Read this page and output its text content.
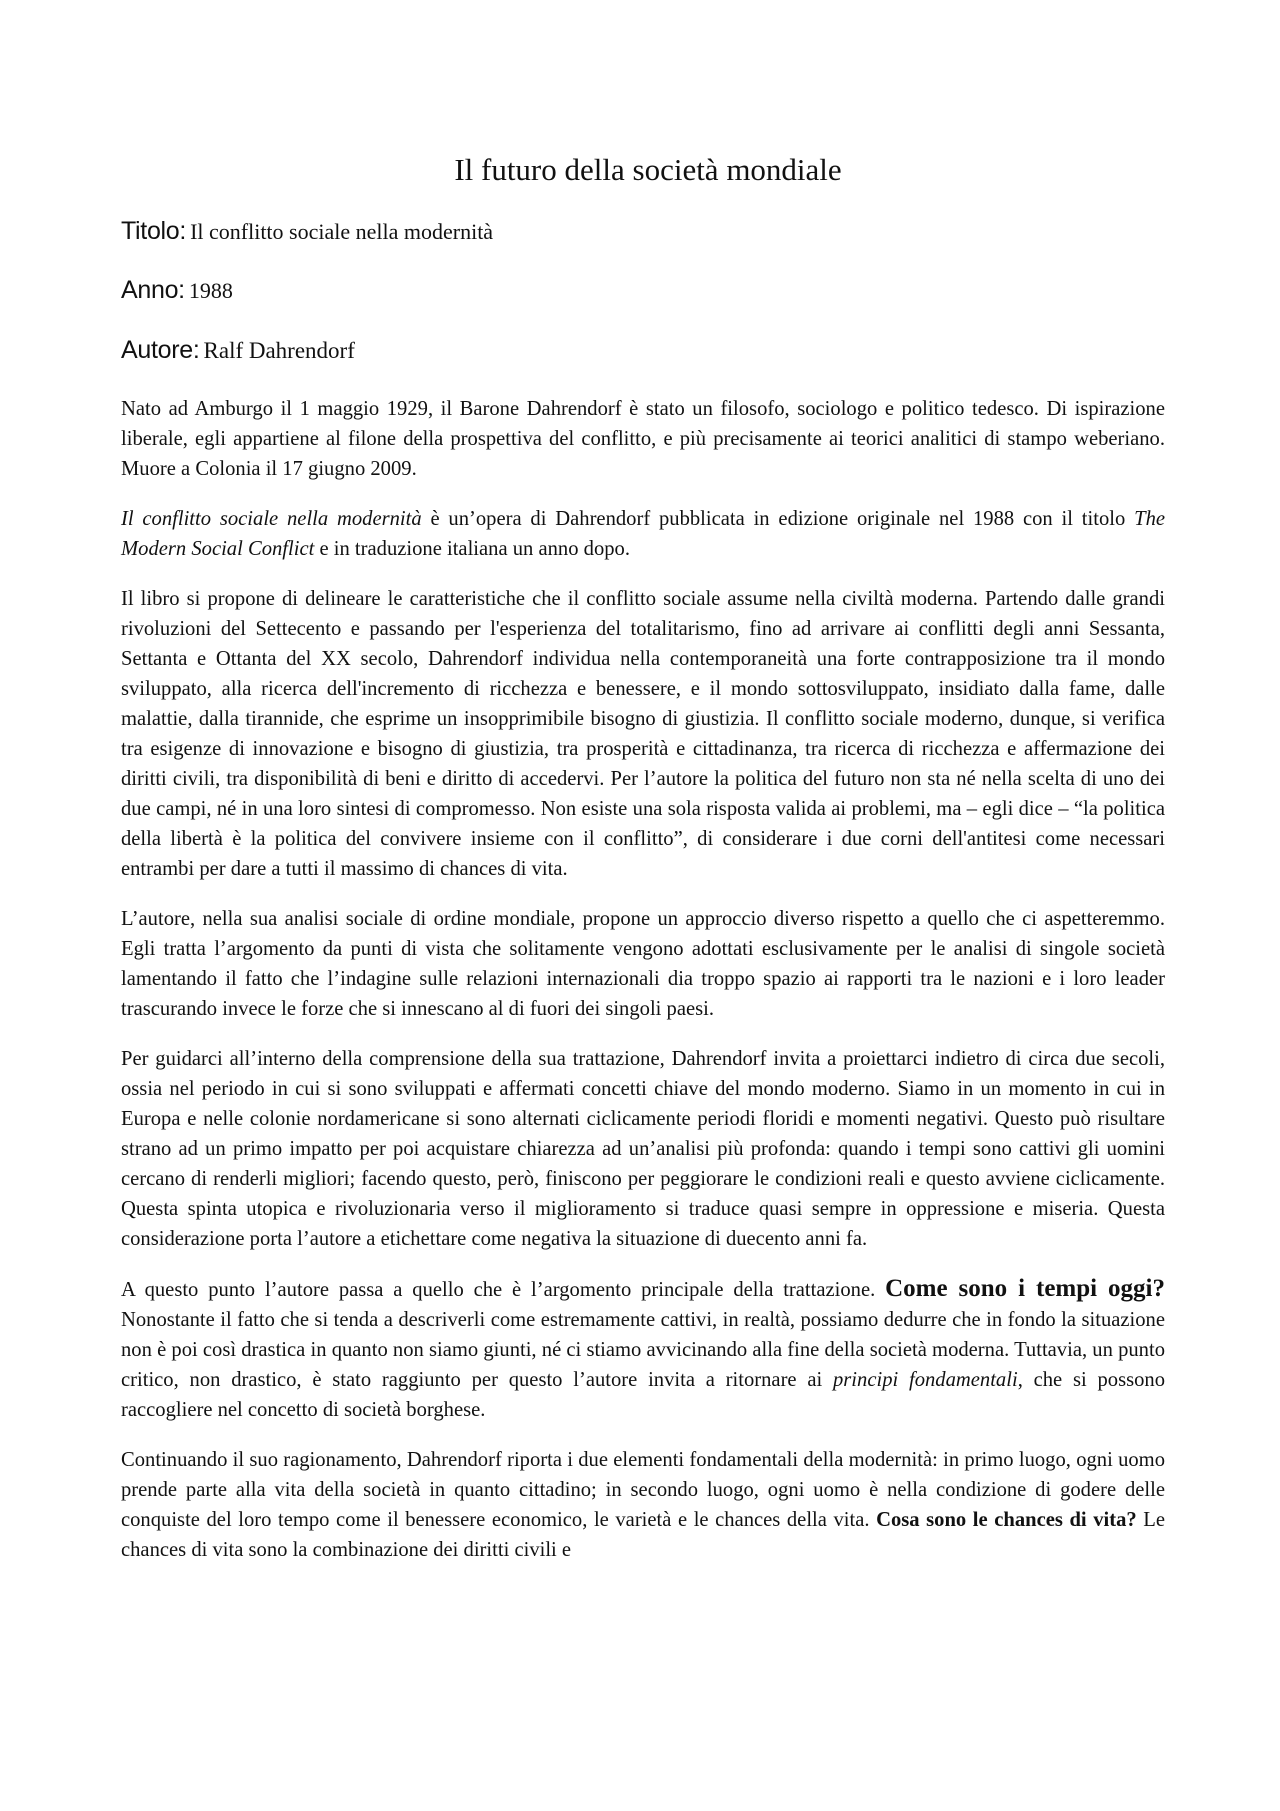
Il futuro della società mondiale
Titolo: Il conflitto sociale nella modernità
Anno: 1988
Autore: Ralf Dahrendorf

Nato ad Amburgo il 1 maggio 1929, il Barone Dahrendorf è stato un filosofo, sociologo e politico tedesco. Di ispirazione liberale, egli appartiene al filone della prospettiva del conflitto, e più precisamente ai teorici analitici di stampo weberiano. Muore a Colonia il 17 giugno 2009.

Il conflitto sociale nella modernità è un’opera di Dahrendorf pubblicata in edizione originale nel 1988 con il titolo The Modern Social Conflict e in traduzione italiana un anno dopo.

Il libro si propone di delineare le caratteristiche che il conflitto sociale assume nella civiltà moderna. Partendo dalle grandi rivoluzioni del Settecento e passando per l'esperienza del totalitarismo, fino ad arrivare ai conflitti degli anni Sessanta, Settanta e Ottanta del XX secolo, Dahrendorf individua nella contemporaneità una forte contrapposizione tra il mondo sviluppato, alla ricerca dell'incremento di ricchezza e benessere, e il mondo sottosviluppato, insidiato dalla fame, dalle malattie, dalla tirannide, che esprime un insopprimibile bisogno di giustizia. Il conflitto sociale moderno, dunque, si verifica tra esigenze di innovazione e bisogno di giustizia, tra prosperità e cittadinanza, tra ricerca di ricchezza e affermazione dei diritti civili, tra disponibilità di beni e diritto di accedervi. Per l’autore la politica del futuro non sta né nella scelta di uno dei due campi, né in una loro sintesi di compromesso. Non esiste una sola risposta valida ai problemi, ma – egli dice – “la politica della libertà è la politica del convivere insieme con il conflitto”, di considerare i due corni dell'antitesi come necessari entrambi per dare a tutti il massimo di chances di vita.

L’autore, nella sua analisi sociale di ordine mondiale, propone un approccio diverso rispetto a quello che ci aspetteremmo. Egli tratta l’argomento da punti di vista che solitamente vengono adottati esclusivamente per le analisi di singole società lamentando il fatto che l’indagine sulle relazioni internazionali dia troppo spazio ai rapporti tra le nazioni e i loro leader trascurando invece le forze che si innescano al di fuori dei singoli paesi.

Per guidarci all’interno della comprensione della sua trattazione, Dahrendorf invita a proiettarci indietro di circa due secoli, ossia nel periodo in cui si sono sviluppati e affermati concetti chiave del mondo moderno. Siamo in un momento in cui in Europa e nelle colonie nordamericane si sono alternati ciclicamente periodi floridi e momenti negativi. Questo può risultare strano ad un primo impatto per poi acquistare chiarezza ad un’analisi più profonda: quando i tempi sono cattivi gli uomini cercano di renderli migliori; facendo questo, però, finiscono per peggiorare le condizioni reali e questo avviene ciclicamente. Questa spinta utopica e rivoluzionaria verso il miglioramento si traduce quasi sempre in oppressione e miseria. Questa considerazione porta l’autore a etichettare come negativa la situazione di duecento anni fa.

A questo punto l’autore passa a quello che è l’argomento principale della trattazione. Come sono i tempi oggi? Nonostante il fatto che si tenda a descriverli come estremamente cattivi, in realtà, possiamo dedurre che in fondo la situazione non è poi così drastica in quanto non siamo giunti, né ci stiamo avvicinando alla fine della società moderna. Tuttavia, un punto critico, non drastico, è stato raggiunto per questo l’autore invita a ritornare ai principi fondamentali, che si possono raccogliere nel concetto di società borghese.

Continuando il suo ragionamento, Dahrendorf riporta i due elementi fondamentali della modernità: in primo luogo, ogni uomo prende parte alla vita della società in quanto cittadino; in secondo luogo, ogni uomo è nella condizione di godere delle conquiste del loro tempo come il benessere economico, le varietà e le chances della vita. Cosa sono le chances di vita? Le chances di vita sono la combinazione dei diritti civili e
